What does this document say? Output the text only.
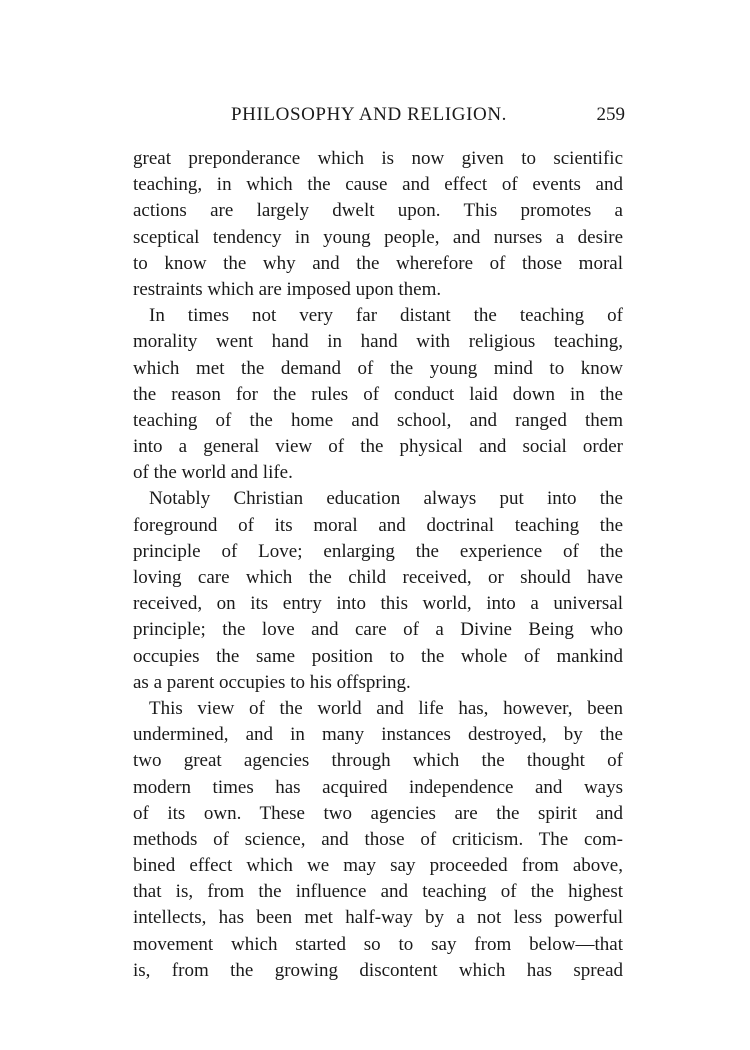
PHILOSOPHY AND RELIGION.	259
great preponderance which is now given to scientific
teaching, in which the cause and effect of events and
actions are largely dwelt upon. This promotes a
sceptical tendency in young people, and nurses a desire
to know the why and the wherefore of those moral
restraints which are imposed upon them.
In times not very far distant the teaching of
morality went hand in hand with religious teaching,
which met the demand of the young mind to know
the reason for the rules of conduct laid down in the
teaching of the home and school, and ranged them
into a general view of the physical and social order
of the world and life.
Notably Christian education always put into the
foreground of its moral and doctrinal teaching the
principle of Love; enlarging the experience of the
loving care which the child received, or should have
received, on its entry into this world, into a universal
principle; the love and care of a Divine Being who
occupies the same position to the whole of mankind
as a parent occupies to his offspring.
This view of the world and life has, however, been
undermined, and in many instances destroyed, by the
two great agencies through which the thought of
modern times has acquired independence and ways
of its own. These two agencies are the spirit and
methods of science, and those of criticism. The com-
bined effect which we may say proceeded from above,
that is, from the influence and teaching of the highest
intellects, has been met half-way by a not less powerful
movement which started so to say from below—that
is, from the growing discontent which has spread
